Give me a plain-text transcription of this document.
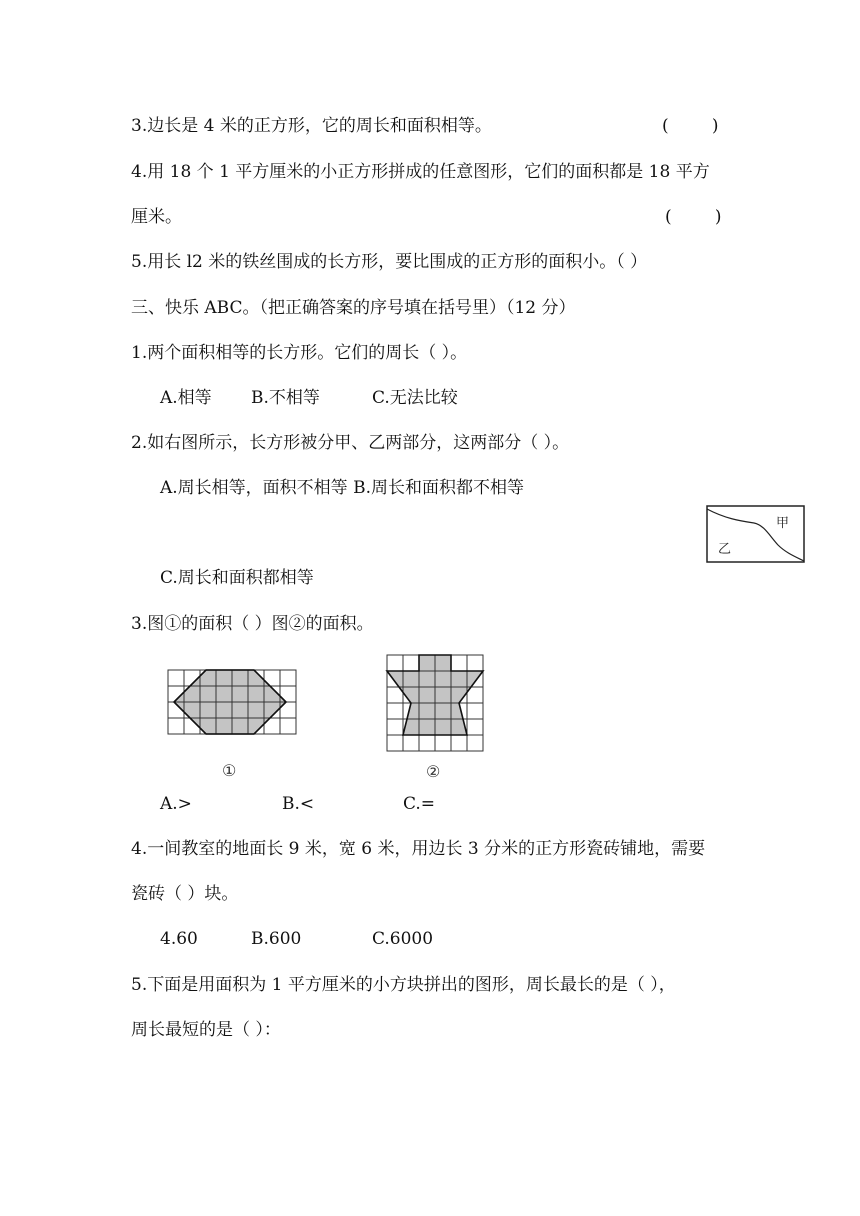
3.边长是 4 米的正方形，它的周长和面积相等。	(        )
4.用 18 个 1 平方厘米的小正方形拼成的任意图形，它们的面积都是 18 平方
厘米。	(        )
5.用长 l2 米的铁丝围成的长方形，要比围成的正方形的面积小。（ ）
三、快乐 ABC。（把正确答案的序号填在括号里）（12 分）
1.两个面积相等的长方形。它们的周长（ ）。
A.相等 B.不相等	C.无法比较
2.如右图所示，长方形被分甲、乙两部分，这两部分（ ）。
A.周长相等，面积不相等 B.周长和面积都不相等
甲
乙
C.周长和面积都相等
3.图①的面积（ ）图②的面积。
①	②
A.>	B.<	C.=
4.一间教室的地面长 9 米，宽 6 米，用边长 3 分米的正方形瓷砖铺地，需要
瓷砖（ ）块。
4.60	B.600	C.6000
5.下面是用面积为 1 平方厘米的小方块拼出的图形，周长最长的是（ ），
周长最短的是（ ）：
